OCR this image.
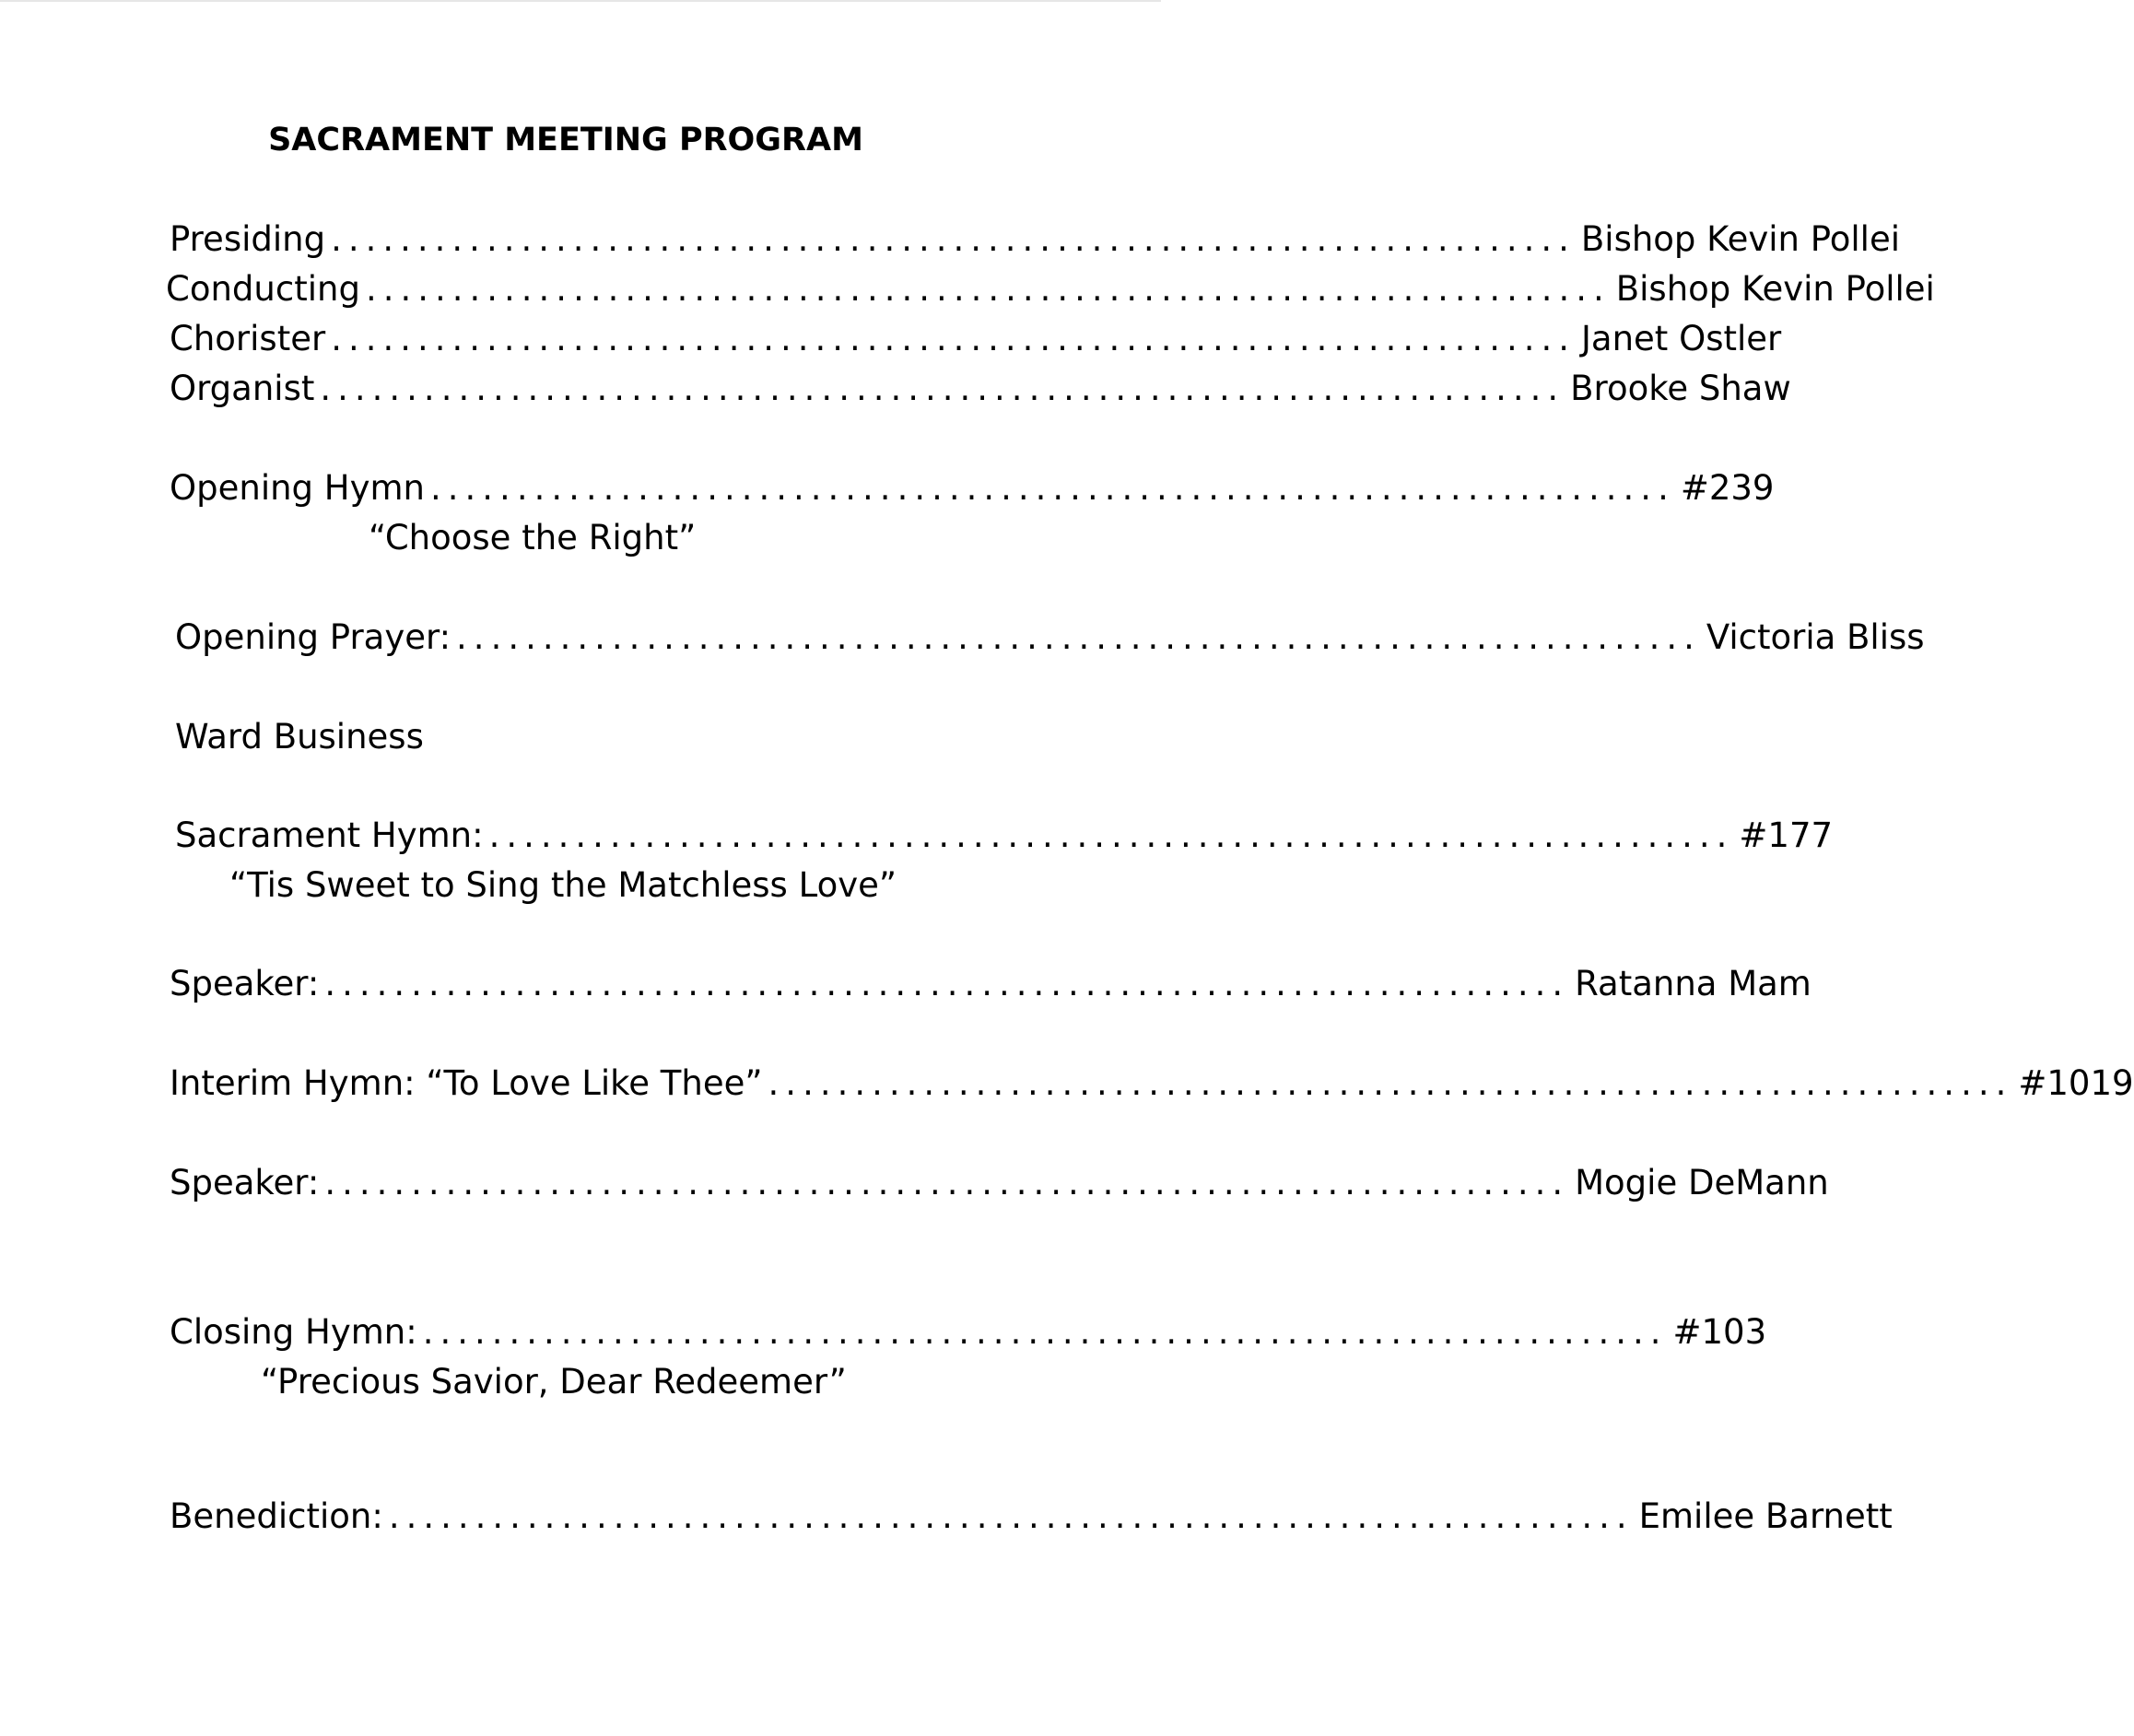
SACRAMENT MEETING PROGRAM
Presiding ........................................................................ Bishop Kevin Pollei
Conducting ........................................................................ Bishop Kevin Pollei
Chorister ........................................................................ Janet Ostler
Organist ........................................................................ Brooke Shaw
Opening Hymn ........................................................................ #239
“Choose the Right”
Opening Prayer: ........................................................................ Victoria Bliss
Ward Business
Sacrament Hymn: ........................................................................ #177
“Tis Sweet to Sing the Matchless Love”
Speaker: ........................................................................ Ratanna Mam
Interim Hymn: “To Love Like Thee” ........................................................................ #1019
Speaker: ........................................................................ Mogie DeMann
Closing Hymn: ........................................................................ #103
“Precious Savior, Dear Redeemer”
Benediction: ........................................................................ Emilee Barnett
